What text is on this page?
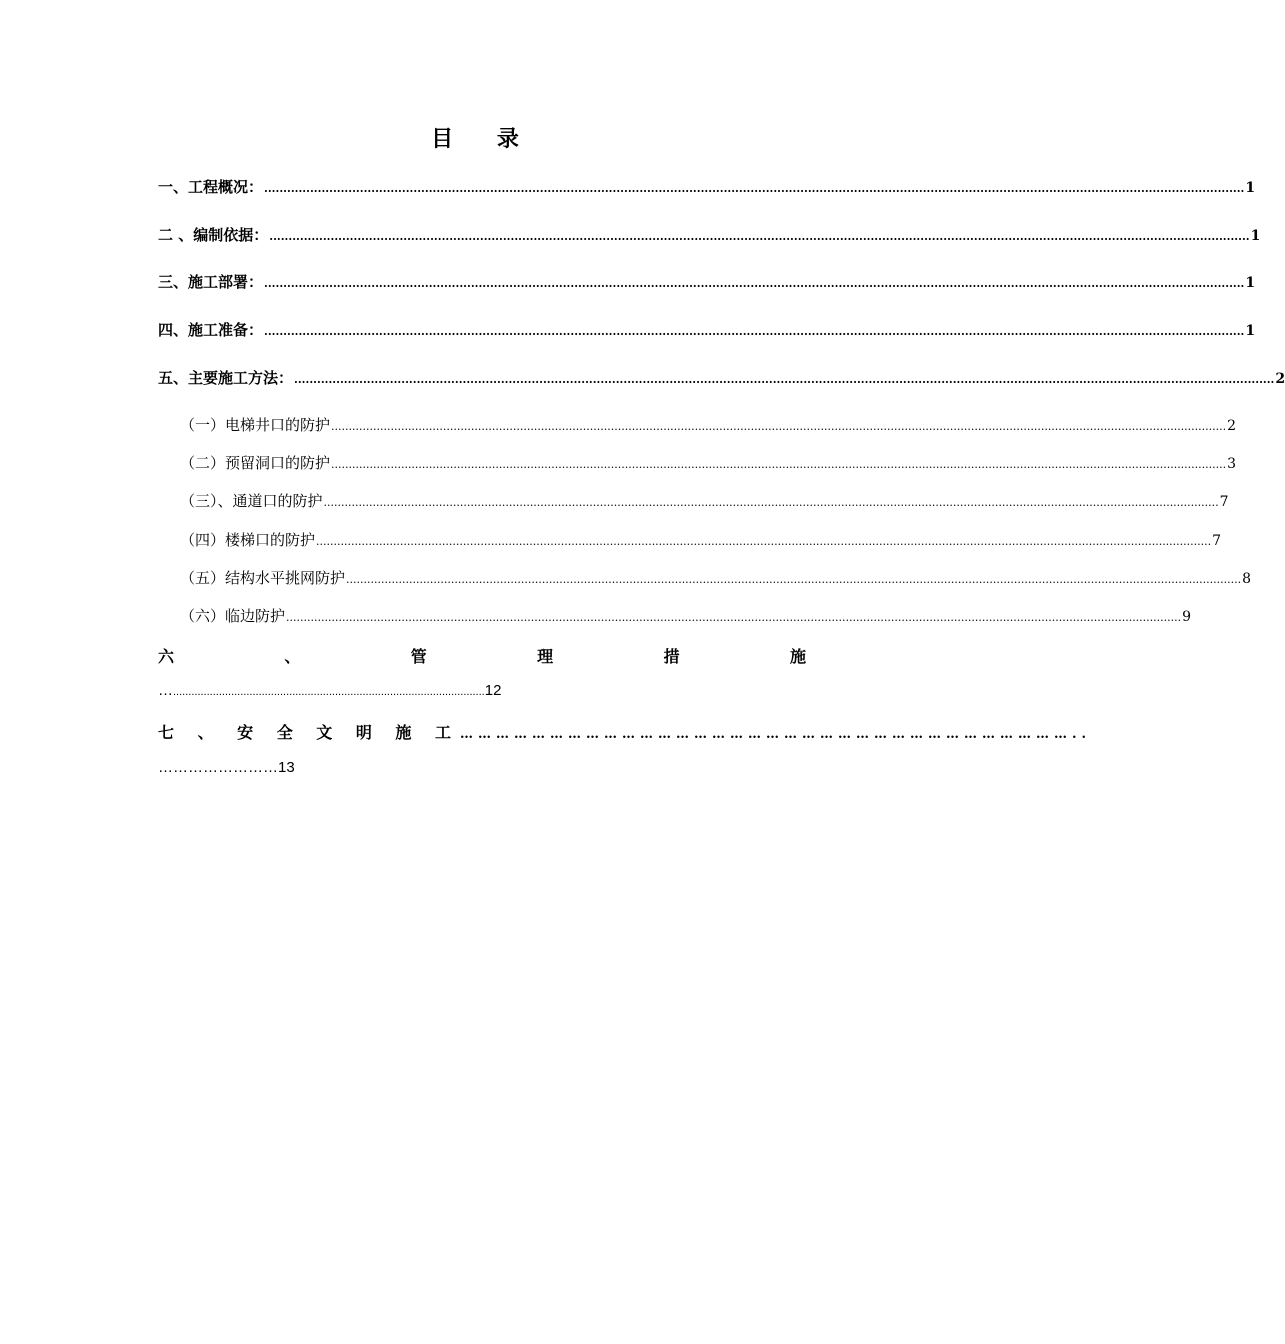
目 录
一、工程概况： .....	1
二 、编制依据： .....	1
三、施工部署： .....	1
四、施工准备： .....	1
五、主要施工方法： .....	2
（一）电梯井口的防护 .....	2
（二）预留洞口的防护 .....	3
（三）、通道口的防护 .....	7
（四）楼梯口的防护 .....	7
（五）结构水平挑网防护 .....	8
（六）临边防护 .....	9
六	、	管	理	措	施
…......................................................................................................12
七 、 安 全 文 明 施 工 …………………………………………………………………………………………..
……………………13
